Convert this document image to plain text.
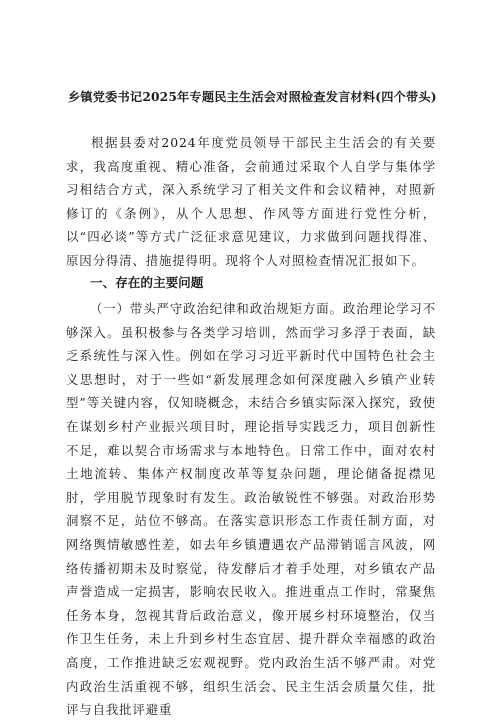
乡镇党委书记2025年专题民主生活会对照检查发言材料(四个带头)

根据县委对2024年度党员领导干部民主生活会的有关要求，我高度重视、精心准备，会前通过采取个人自学与集体学习相结合方式，深入系统学习了相关文件和会议精神，对照新修订的《条例》，从个人思想、作风等方面进行党性分析，以“四必谈”等方式广泛征求意见建议，力求做到问题找得准、原因分得清、措施提得明。现将个人对照检查情况汇报如下。

一、存在的主要问题

（一）带头严守政治纪律和政治规矩方面。政治理论学习不够深入。虽积极参与各类学习培训，然而学习多浮于表面，缺乏系统性与深入性。例如在学习习近平新时代中国特色社会主义思想时，对于一些如“新发展理念如何深度融入乡镇产业转型”等关键内容，仅知晓概念，未结合乡镇实际深入探究，致使在谋划乡村产业振兴项目时，理论指导实践乏力，项目创新性不足，难以契合市场需求与本地特色。日常工作中，面对农村土地流转、集体产权制度改革等复杂问题，理论储备捉襟见肘，学用脱节现象时有发生。政治敏锐性不够强。对政治形势洞察不足，站位不够高。在落实意识形态工作责任制方面，对网络舆情敏感性差，如去年乡镇遭遇农产品滞销谣言风波，网络传播初期未及时察觉，待发酵后才着手处理，对乡镇农产品声誉造成一定损害，影响农民收入。推进重点工作时，常聚焦任务本身，忽视其背后政治意义，像开展乡村环境整治，仅当作卫生任务，未上升到乡村生态宜居、提升群众幸福感的政治高度，工作推进缺乏宏观视野。党内政治生活不够严肃。对党内政治生活重视不够，组织生活会、民主生活会质量欠佳，批评与自我批评避重
